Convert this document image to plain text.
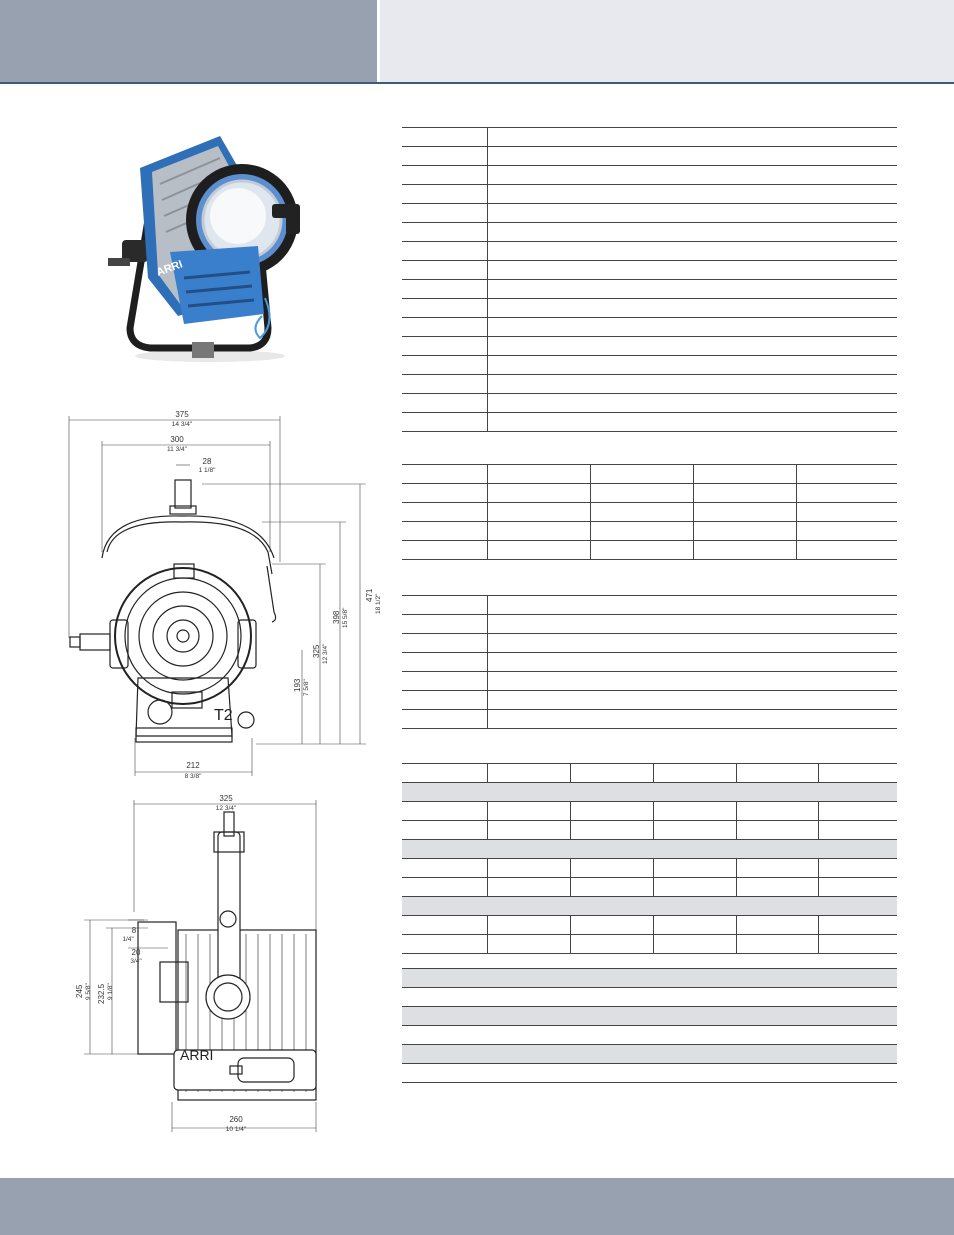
ARRI
T2
375
14 3/4"
300
11 3/4"
28
1 1/8"
471 18 1/2"
398 15 5/8"
325 12 3/4"
193 7 5/8"
212
8 3/8"
ARRI
325
12 3/4"
8
1/4"
20
3/4"
245 9 5/8" 232.5 9 1/8"
260
10 1/4"
